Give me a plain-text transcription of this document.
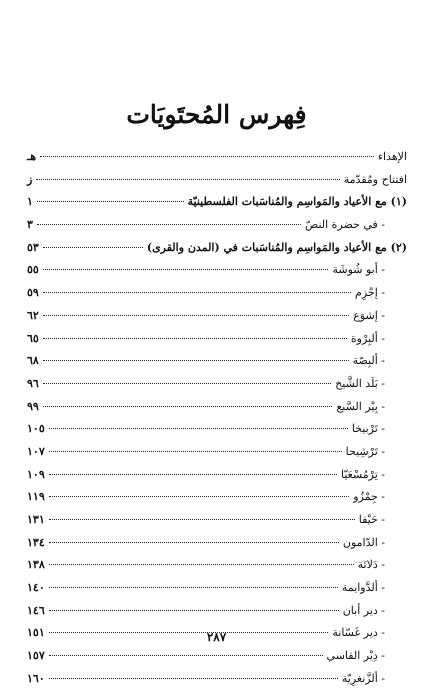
فِهرس المُحتَويَات
الإهداء
هـ
افتتاح ومُقدّمة
ز
(١) مع الأعياد والمَواسِم والمُناسَبات الفلسطينيّة
١
- في حضرة النصّ
٣
(٢) مع الأعياد والمَواسِم والمُناسَبات في (المدن والقرى)
٥٣
- أبو شُوشَة
٥٥
- إجْزِم
٥٩
- إشوَع
٦٢
- ألبِرْوة
٦٥
- ألبِصّة
٦٨
- بَلَد الشَّيخ
٩٦
- بِيْر السَّبع
٩٩
- تَرْبيخا
١٠٥
- تَرْشِيحا
١٠٧
- تِرْمُسْعَيّا
١٠٩
- جِمْزُو
١١٩
- حَيْفا
١٣١
- الدّامون
١٣٤
- دَلاتَة
١٣٨
- ألدَّوايمة
١٤٠
- دير أبان
١٤٦
- دير غَسّانة
١٥١
- دِيْر القاسي
١٥٧
- ألزَّنغرِيّة
١٦٠
٢٨٧
